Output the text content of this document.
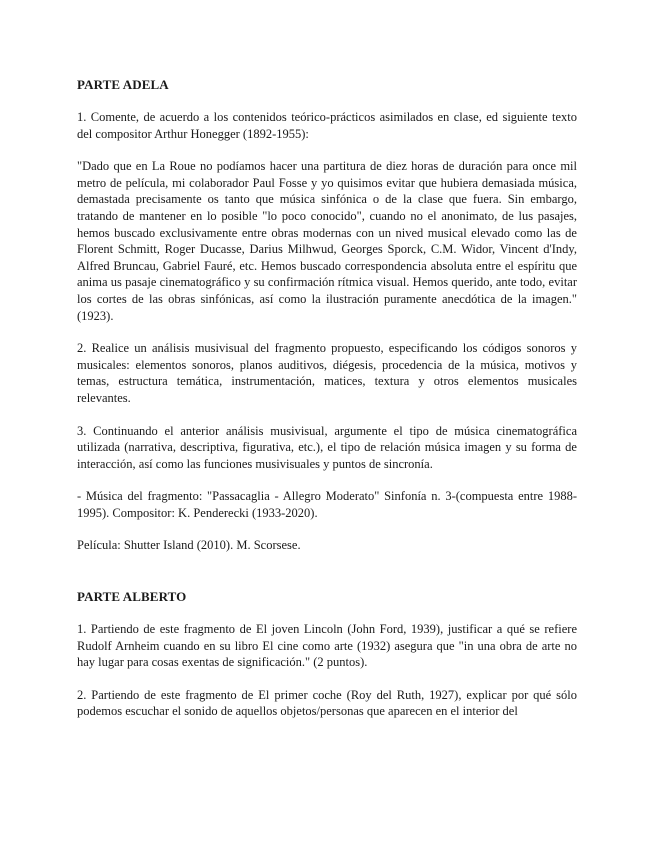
PARTE ADELA

1. Comente, de acuerdo a los contenidos teórico-prácticos asimilados en clase, ed siguiente texto del compositor Arthur Honegger (1892-1955):

"Dado que en La Roue no podíamos hacer una partitura de diez horas de duración para once mil metro de película, mi colaborador Paul Fosse y yo quisimos evitar que hubiera demasiada música, demastada precisamente os tanto que música sinfónica o de la clase que fuera. Sin embargo, tratando de mantener en lo posible "lo poco conocido", cuando no el anonimato, de lus pasajes, hemos buscado exclusivamente entre obras modernas con un nived musical elevado como las de Florent Schmitt, Roger Ducasse, Darius Milhwud, Georges Sporck, C.M. Widor, Vincent d'Indy, Alfred Bruncau, Gabriel Fauré, etc. Hemos buscado correspondencia absoluta entre el espíritu que anima us pasaje cinematográfico y su confirmación rítmica visual. Hemos querido, ante todo, evitar los cortes de las obras sinfónicas, así como la ilustración puramente anecdótica de la imagen." (1923).

2. Realice un análisis musivisual del fragmento propuesto, especificando los códigos sonoros y musicales: elementos sonoros, planos auditivos, diégesis, procedencia de la música, motivos y temas, estructura temática, instrumentación, matices, textura y otros elementos musicales relevantes.

3. Continuando el anterior análisis musivisual, argumente el tipo de música cinematográfica utilizada (narrativa, descriptiva, figurativa, etc.), el tipo de relación música imagen y su forma de interacción, así como las funciones musivisuales y puntos de sincronía.

- Música del fragmento: "Passacaglia - Allegro Moderato" Sinfonía n. 3-(compuesta entre 1988-1995). Compositor: K. Penderecki (1933-2020).

Película: Shutter Island (2010). M. Scorsese.

PARTE ALBERTO

1. Partiendo de este fragmento de El joven Lincoln (John Ford, 1939), justificar a qué se refiere Rudolf Arnheim cuando en su libro El cine como arte (1932) asegura que "in una obra de arte no hay lugar para cosas exentas de significación." (2 puntos).

2. Partiendo de este fragmento de El primer coche (Roy del Ruth, 1927), explicar por qué sólo podemos escuchar el sonido de aquellos objetos/personas que aparecen en el interior del
